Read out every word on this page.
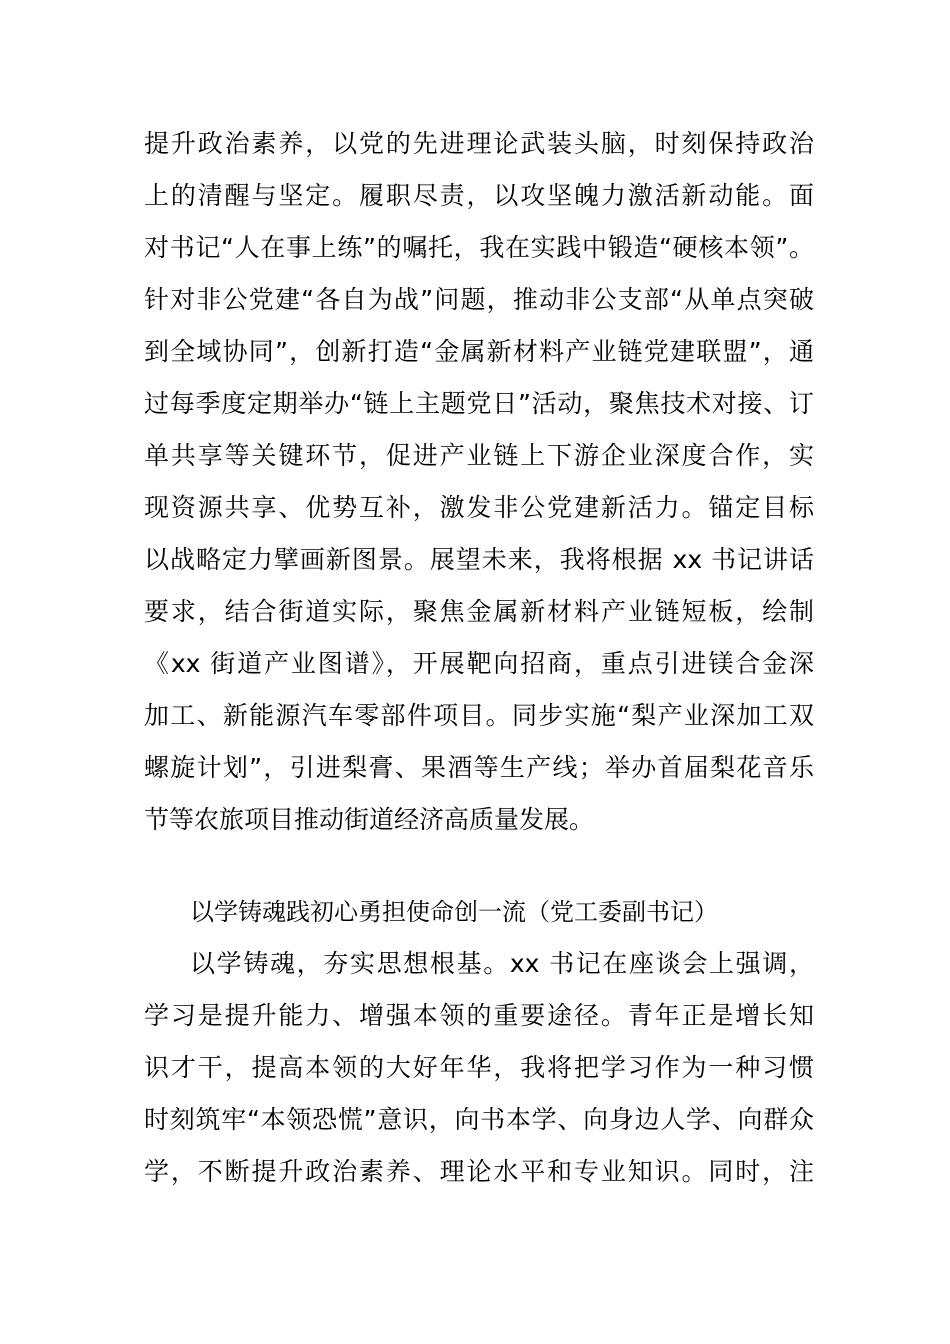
提升政治素养，以党的先进理论武装头脑，时刻保持政治
上的清醒与坚定。履职尽责，以攻坚魄力激活新动能。面
对书记“人在事上练”的嘱托，我在实践中锻造“硬核本领”。
针对非公党建“各自为战”问题，推动非公支部“从单点突破
到全域协同”，创新打造“金属新材料产业链党建联盟”，通
过每季度定期举办“链上主题党日”活动，聚焦技术对接、订
单共享等关键环节，促进产业链上下游企业深度合作，实
现资源共享、优势互补，激发非公党建新活力。锚定目标
以战略定力擘画新图景。展望未来，我将根据 xx 书记讲话
要求，结合街道实际，聚焦金属新材料产业链短板，绘制
《xx 街道产业图谱》，开展靶向招商，重点引进镁合金深
加工、新能源汽车零部件项目。同步实施“梨产业深加工双
螺旋计划”，引进梨膏、果酒等生产线；举办首届梨花音乐
节等农旅项目推动街道经济高质量发展。
以学铸魂践初心勇担使命创一流（党工委副书记）
以学铸魂，夯实思想根基。xx 书记在座谈会上强调，
学习是提升能力、增强本领的重要途径。青年正是增长知
识才干，提高本领的大好年华，我将把学习作为一种习惯
时刻筑牢“本领恐慌”意识，向书本学、向身边人学、向群众
学，不断提升政治素养、理论水平和专业知识。同时，注
